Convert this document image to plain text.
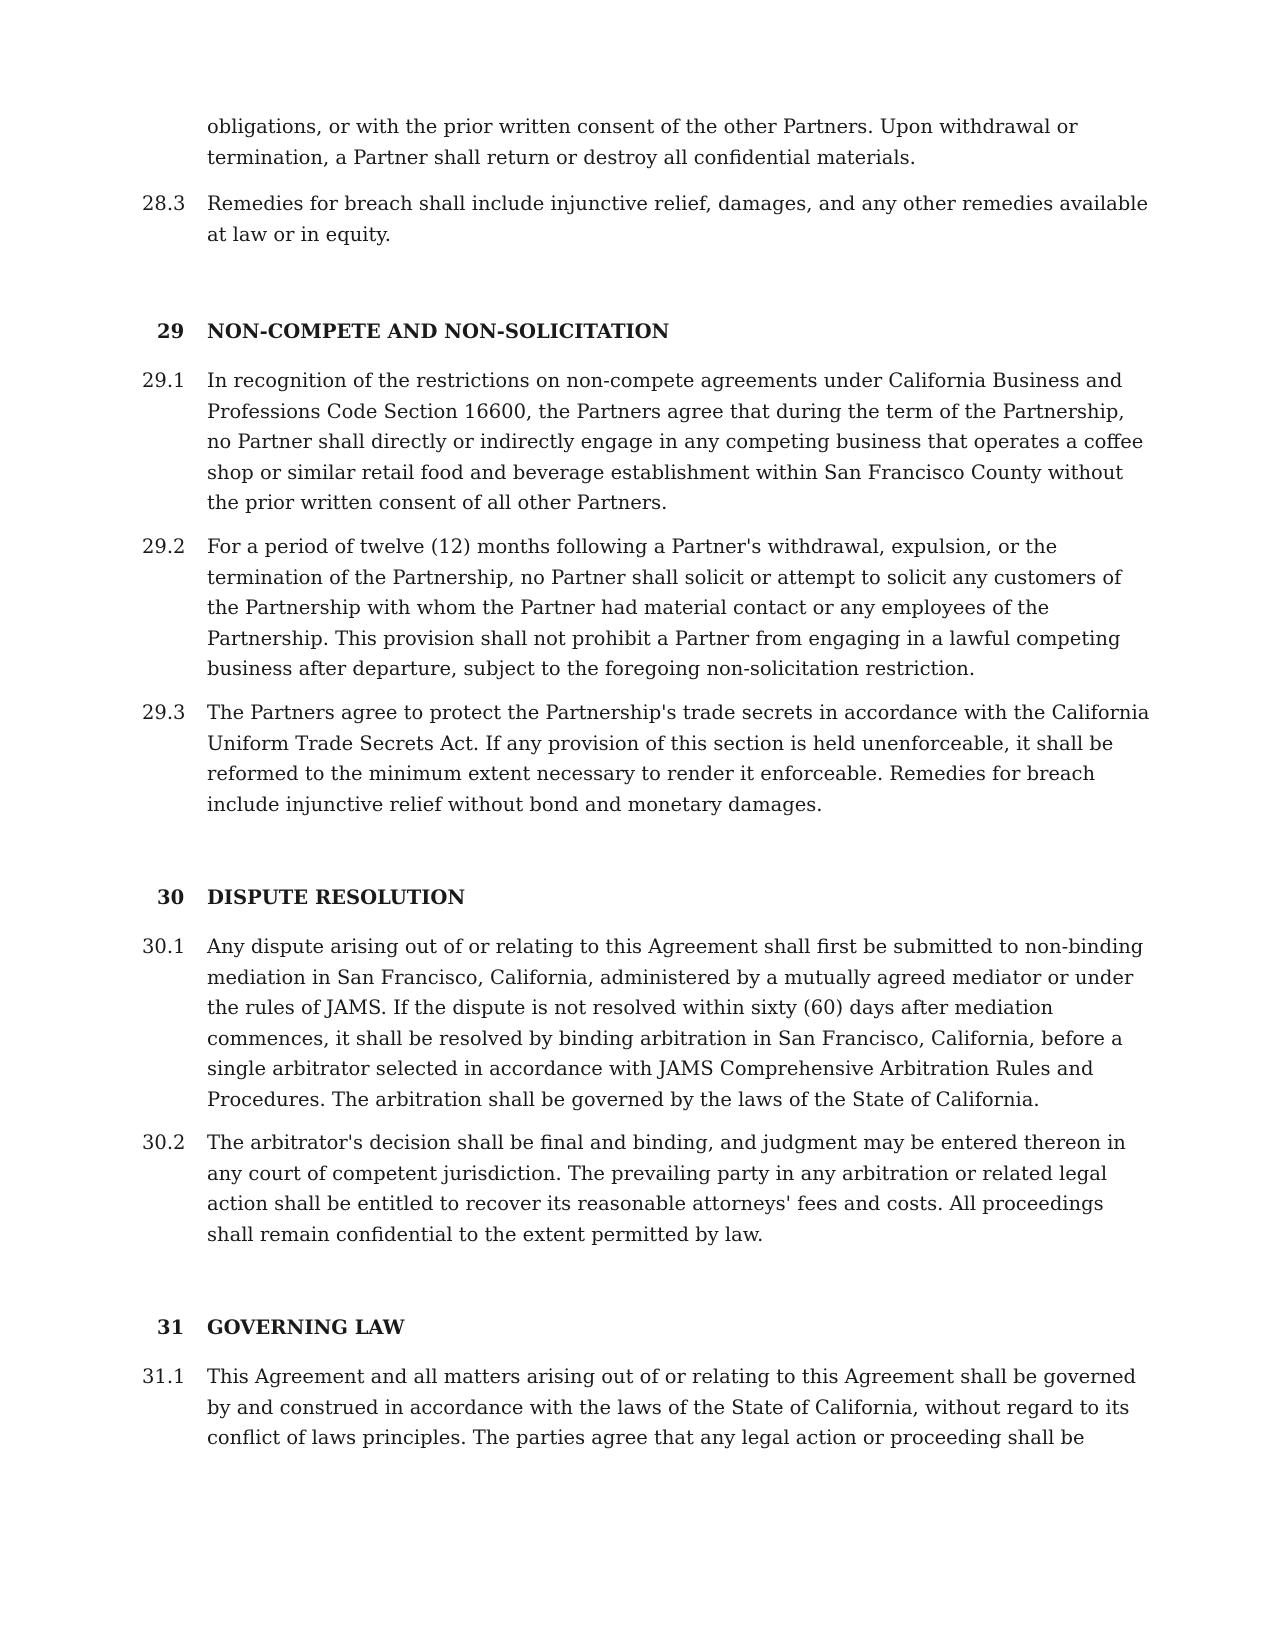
obligations, or with the prior written consent of the other Partners. Upon withdrawal or
termination, a Partner shall return or destroy all confidential materials.
28.3	Remedies for breach shall include injunctive relief, damages, and any other remedies available
at law or in equity.
29	NON-COMPETE AND NON-SOLICITATION
29.1	In recognition of the restrictions on non-compete agreements under California Business and
Professions Code Section 16600, the Partners agree that during the term of the Partnership,
no Partner shall directly or indirectly engage in any competing business that operates a coffee
shop or similar retail food and beverage establishment within San Francisco County without
the prior written consent of all other Partners.
29.2	For a period of twelve (12) months following a Partner's withdrawal, expulsion, or the
termination of the Partnership, no Partner shall solicit or attempt to solicit any customers of
the Partnership with whom the Partner had material contact or any employees of the
Partnership. This provision shall not prohibit a Partner from engaging in a lawful competing
business after departure, subject to the foregoing non-solicitation restriction.
29.3	The Partners agree to protect the Partnership's trade secrets in accordance with the California
Uniform Trade Secrets Act. If any provision of this section is held unenforceable, it shall be
reformed to the minimum extent necessary to render it enforceable. Remedies for breach
include injunctive relief without bond and monetary damages.
30	DISPUTE RESOLUTION
30.1	Any dispute arising out of or relating to this Agreement shall first be submitted to non-binding
mediation in San Francisco, California, administered by a mutually agreed mediator or under
the rules of JAMS. If the dispute is not resolved within sixty (60) days after mediation
commences, it shall be resolved by binding arbitration in San Francisco, California, before a
single arbitrator selected in accordance with JAMS Comprehensive Arbitration Rules and
Procedures. The arbitration shall be governed by the laws of the State of California.
30.2	The arbitrator's decision shall be final and binding, and judgment may be entered thereon in
any court of competent jurisdiction. The prevailing party in any arbitration or related legal
action shall be entitled to recover its reasonable attorneys' fees and costs. All proceedings
shall remain confidential to the extent permitted by law.
31	GOVERNING LAW
31.1	This Agreement and all matters arising out of or relating to this Agreement shall be governed
by and construed in accordance with the laws of the State of California, without regard to its
conflict of laws principles. The parties agree that any legal action or proceeding shall be
